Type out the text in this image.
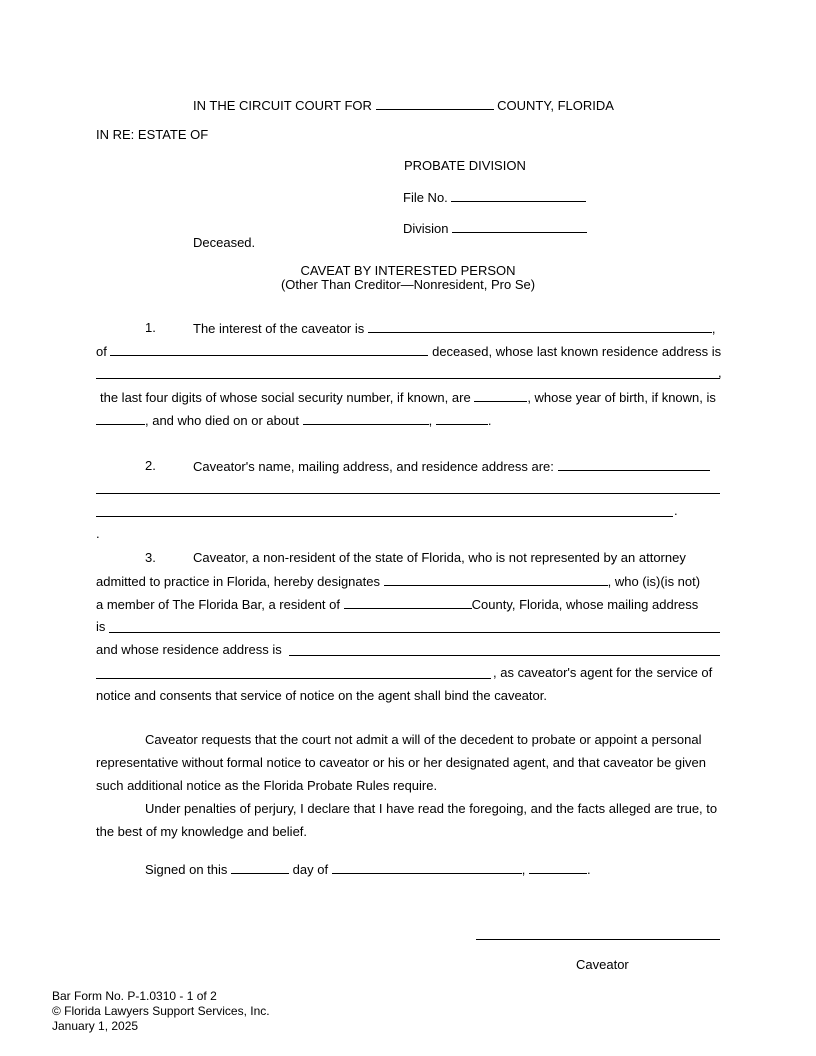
IN THE CIRCUIT COURT FOR	COUNTY, FLORIDA
IN RE: ESTATE OF
PROBATE DIVISION
File No.
Division
Deceased.
CAVEAT BY INTERESTED PERSON
(Other Than Creditor—Nonresident, Pro Se)
1.	The interest of the caveator is	,
of	deceased, whose last known residence address is
,
the last four digits of whose social security number, if known, are	, whose year of birth, if known, is
, and who died on or about	,	.
2.	Caveator's name, mailing address, and residence address are:
.
.
3.	Caveator, a non-resident of the state of Florida, who is not represented by an attorney
admitted to practice in Florida, hereby designates	, who (is)(is not)
a member of The Florida Bar, a resident of	County, Florida, whose mailing address
is
and whose residence address is
, as caveator's agent for the service of
notice and consents that service of notice on the agent shall bind the caveator.
Caveator requests that the court not admit a will of the decedent to probate or appoint a personal
representative without formal notice to caveator or his or her designated agent, and that caveator be given
such additional notice as the Florida Probate Rules require.
Under penalties of perjury, I declare that I have read the foregoing, and the facts alleged are true, to
the best of my knowledge and belief.
Signed on this	day of	,	.
Caveator
Bar Form No. P-1.0310 - 1 of 2
© Florida Lawyers Support Services, Inc.
January 1, 2025
